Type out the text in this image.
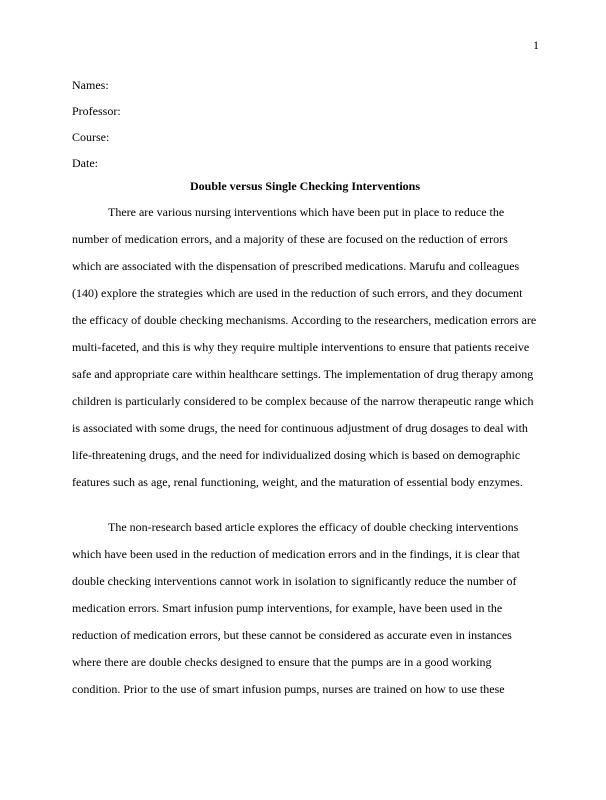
1

Names:

Professor:

Course:

Date:

Double versus Single Checking Interventions

There are various nursing interventions which have been put in place to reduce the
number of medication errors, and a majority of these are focused on the reduction of errors
which are associated with the dispensation of prescribed medications. Marufu and colleagues
(140) explore the strategies which are used in the reduction of such errors, and they document
the efficacy of double checking mechanisms. According to the researchers, medication errors are
multi-faceted, and this is why they require multiple interventions to ensure that patients receive
safe and appropriate care within healthcare settings. The implementation of drug therapy among
children is particularly considered to be complex because of the narrow therapeutic range which
is associated with some drugs, the need for continuous adjustment of drug dosages to deal with
life-threatening drugs, and the need for individualized dosing which is based on demographic
features such as age, renal functioning, weight, and the maturation of essential body enzymes.
The non-research based article explores the efficacy of double checking interventions
which have been used in the reduction of medication errors and in the findings, it is clear that
double checking interventions cannot work in isolation to significantly reduce the number of
medication errors. Smart infusion pump interventions, for example, have been used in the
reduction of medication errors, but these cannot be considered as accurate even in instances
where there are double checks designed to ensure that the pumps are in a good working
condition. Prior to the use of smart infusion pumps, nurses are trained on how to use these
